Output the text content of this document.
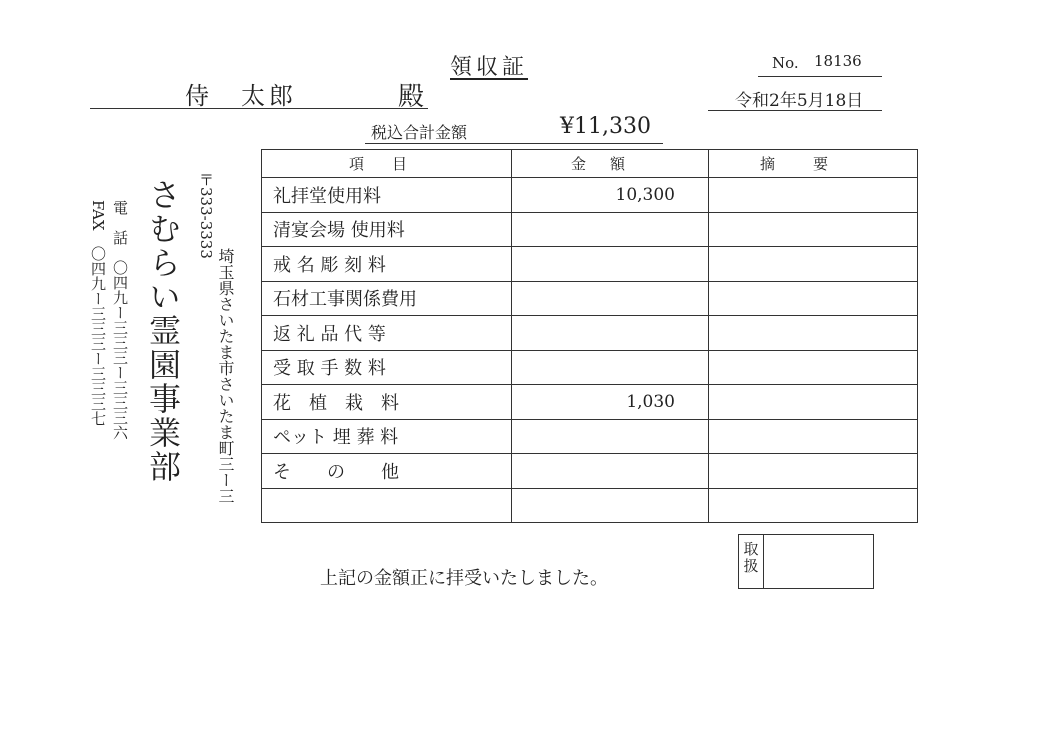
領収証	No. 18136
侍　太郎	殿	令和2年5月18日
税込合計金額	¥11,330
項目	金額	摘要
礼拝堂使用料	10,300	
清宴会場 使用料		
戒 名 彫 刻 料		
石材工事関係費用		
返 礼 品 代 等		
受 取 手 数 料		
花　植　栽　料	1,030	
ペット 埋 葬 料		
そ　　の　　他		

さむらい霊園事業部 〒333-3333
埼玉県さいたま市さいたま町三ー三
電　話　〇四九ー三三三ー三三三六
FAX　〇四九ー三三三ー三三三七
上記の金額正に拝受いたしました。
取扱
